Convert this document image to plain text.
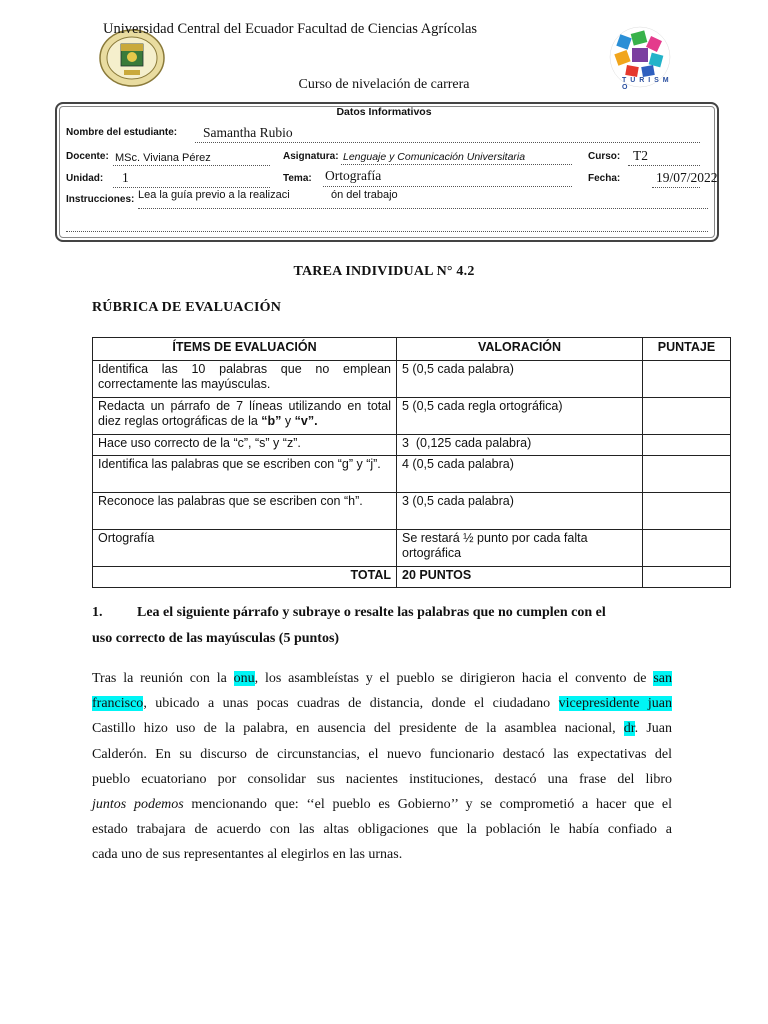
Universidad Central del Ecuador Facultad de Ciencias Agrícolas
T U R I S M O
Curso de nivelación de carrera
Datos Informativos
Nombre del estudiante: Samantha Rubio
Docente: MSc. Viviana Pérez	Asignatura: Lenguaje y Comunicación Universitaria	Curso: T2
Unidad: 1	Tema: Ortografía	Fecha:	19/07/2022
Instrucciones: Lea la guía previo a la realizaci	ón del trabajo
TAREA INDIVIDUAL N° 4.2
RÚBRICA DE EVALUACIÓN
ÍTEMS DE EVALUACIÓN	VALORACIÓN	PUNTAJE
Identifica las 10 palabras que no emplean correctamente las mayúsculas.	5 (0,5 cada palabra)	
Redacta un párrafo de 7 líneas utilizando en total diez reglas ortográficas de la “b” y “v”.	5 (0,5 cada regla ortográfica)	
Hace uso correcto de la “c”, “s” y “z”.	3  (0,125 cada palabra)	
Identifica las palabras que se escriben con “g” y “j”.	4 (0,5 cada palabra)	
Reconoce las palabras que se escriben con “h”.	3 (0,5 cada palabra)	
Ortografía	Se restará ½ punto por cada falta ortográfica	
TOTAL	20 PUNTOS	
1. Lea el siguiente párrafo y subraye o resalte las palabras que no cumplen con el
uso correcto de las mayúsculas (5 puntos)
Tras la reunión con la onu, los asambleístas y el pueblo se dirigieron hacia el convento de san
francisco, ubicado a unas pocas cuadras de distancia, donde el ciudadano vicepresidente juan
Castillo hizo uso de la palabra, en ausencia del presidente de la asamblea nacional, dr. Juan
Calderón. En su discurso de circunstancias, el nuevo funcionario destacó las expectativas del
pueblo ecuatoriano por consolidar sus nacientes instituciones, destacó una frase del libro
juntos podemos mencionando que: ‘‘el pueblo es Gobierno’’ y se comprometió a hacer que el
estado trabajara de acuerdo con las altas obligaciones que la población le había confiado a
cada uno de sus representantes al elegirlos en las urnas.
